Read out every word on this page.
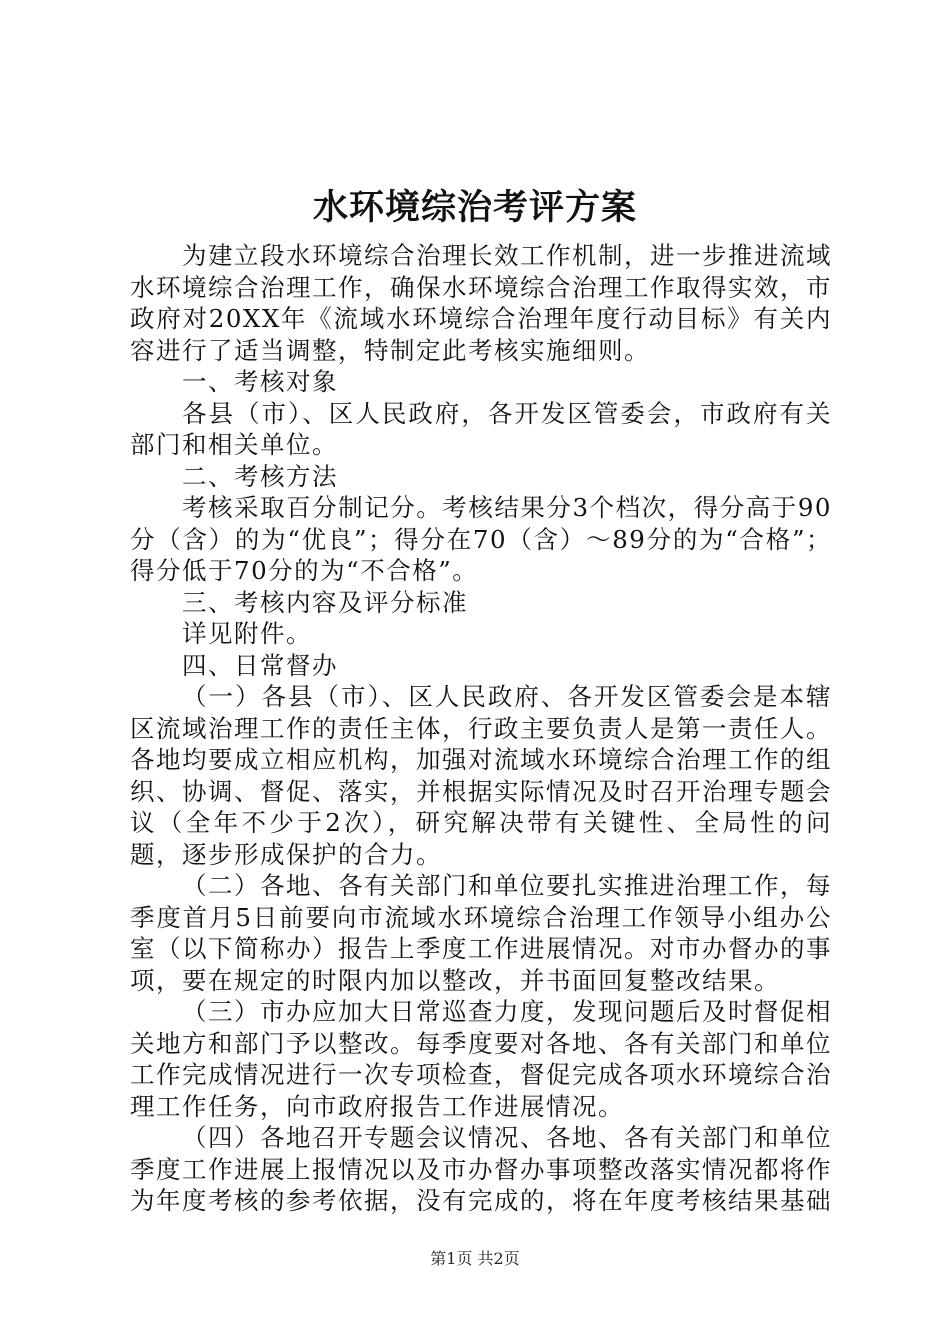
水环境综治考评方案

为建立段水环境综合治理长效工作机制，进一步推进流域水环境综合治理工作，确保水环境综合治理工作取得实效，市政府对20XX年《流域水环境综合治理年度行动目标》有关内容进行了适当调整，特制定此考核实施细则。

一、考核对象

各县（市）、区人民政府，各开发区管委会，市政府有关部门和相关单位。

二、考核方法

考核采取百分制记分。考核结果分3个档次，得分高于90分（含）的为“优良”；得分在70（含）～89分的为“合格”；得分低于70分的为“不合格”。

三、考核内容及评分标准

详见附件。

四、日常督办

（一）各县（市）、区人民政府、各开发区管委会是本辖区流域治理工作的责任主体，行政主要负责人是第一责任人。各地均要成立相应机构，加强对流域水环境综合治理工作的组织、协调、督促、落实，并根据实际情况及时召开治理专题会议（全年不少于2次），研究解决带有关键性、全局性的问题，逐步形成保护的合力。

（二）各地、各有关部门和单位要扎实推进治理工作，每季度首月5日前要向市流域水环境综合治理工作领导小组办公室（以下简称办）报告上季度工作进展情况。对市办督办的事项，要在规定的时限内加以整改，并书面回复整改结果。

（三）市办应加大日常巡查力度，发现问题后及时督促相关地方和部门予以整改。每季度要对各地、各有关部门和单位工作完成情况进行一次专项检查，督促完成各项水环境综合治理工作任务，向市政府报告工作进展情况。

（四）各地召开专题会议情况、各地、各有关部门和单位季度工作进展上报情况以及市办督办事项整改落实情况都将作为年度考核的参考依据，没有完成的，将在年度考核结果基础

第1页 共2页
